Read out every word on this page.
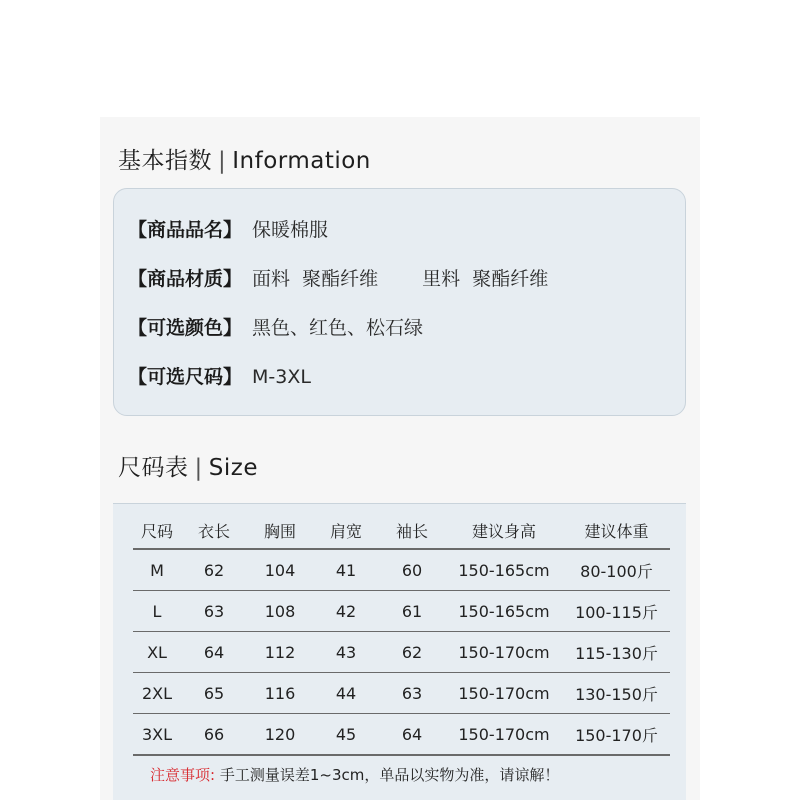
基本指数 | Information
【商品品名】 保暖棉服
【商品材质】 面料  聚酯纤维 里料  聚酯纤维
【可选颜色】 黑色、红色、松石绿
【可选尺码】 M-3XL
尺码表 | Size
尺码	衣长	胸围	肩宽	袖长	建议身高	建议体重
M	62	104	41	60	150-165cm	80-100斤
L	63	108	42	61	150-165cm	100-115斤
XL	64	112	43	62	150-170cm	115-130斤
2XL	65	116	44	63	150-170cm	130-150斤
3XL	66	120	45	64	150-170cm	150-170斤
注意事项: 手工测量误差1~3cm，单品以实物为准，请谅解！
